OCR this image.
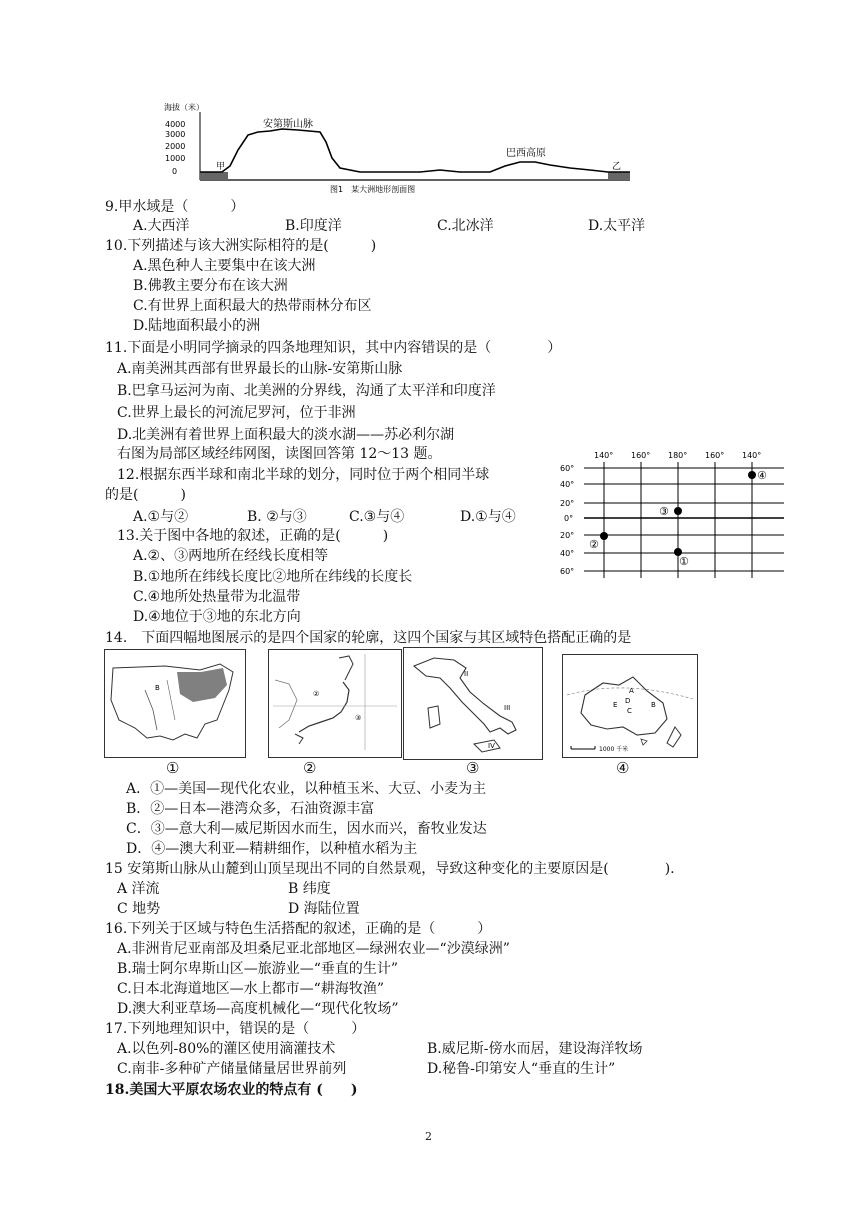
海拔（米）
4000
3000
2000
1000
0
安第斯山脉
巴西高原
甲	乙
图1　某大洲地形剖面图
9.甲水域是（　　　）
A.大西洋	B.印度洋	C.北冰洋	D.太平洋
10.下列描述与该大洲实际相符的是(　　　)
A.黑色种人主要集中在该大洲
B.佛教主要分布在该大洲
C.有世界上面积最大的热带雨林分布区
D.陆地面积最小的洲
11.下面是小明同学摘录的四条地理知识，其中内容错误的是（　　　　）
A.南美洲其西部有世界最长的山脉-安第斯山脉
B.巴拿马运河为南、北美洲的分界线，沟通了太平洋和印度洋
C.世界上最长的河流尼罗河，位于非洲
D.北美洲有着世界上面积最大的淡水湖——苏必利尔湖
右图为局部区域经纬网图，读图回答第 12～13 题。
12.根据东西半球和南北半球的划分，同时位于两个相同半球
的是(　　　)
A.①与②	B. ②与③	C.③与④	D.①与④
13.关于图中各地的叙述，正确的是(　　　)
A.②、③两地所在经线长度相等
B.①地所在纬线长度比②地所在纬线的长度长
C.④地所处热量带为北温带
D.④地位于③地的东北方向
140° 160° 180° 160° 140°
60°
40°
20°
0°
20°
40°
60°
②
③
①
④
14.　下面四幅地图展示的是四个国家的轮廓，这四个国家与其区域特色搭配正确的是
B
②
③
II
III
IV
A
B
C
D
E
1000 千米
①	②	③	④
A．①—美国—现代化农业，以种植玉米、大豆、小麦为主
B．②—日本—港湾众多，石油资源丰富
C．③—意大利—威尼斯因水而生，因水而兴，畜牧业发达
D．④—澳大利亚—精耕细作，以种植水稻为主
15 安第斯山脉从山麓到山顶呈现出不同的自然景观，导致这种变化的主要原因是(　　　　).
A 洋流	B 纬度
C 地势	D 海陆位置
16.下列关于区域与特色生活搭配的叙述，正确的是（　　　）
A.非洲肯尼亚南部及坦桑尼亚北部地区—绿洲农业—“沙漠绿洲”
B.瑞士阿尔卑斯山区—旅游业—“垂直的生计”
C.日本北海道地区—水上都市—“耕海牧渔”
D.澳大利亚草场—高度机械化—“现代化牧场”
17.下列地理知识中，错误的是（　　　）
A.以色列-80%的灌区使用滴灌技术	B.威尼斯-傍水而居，建设海洋牧场
C.南非-多种矿产储量储量居世界前列	D.秘鲁-印第安人“垂直的生计”
18.美国大平原农场农业的特点有 (　　)
2
